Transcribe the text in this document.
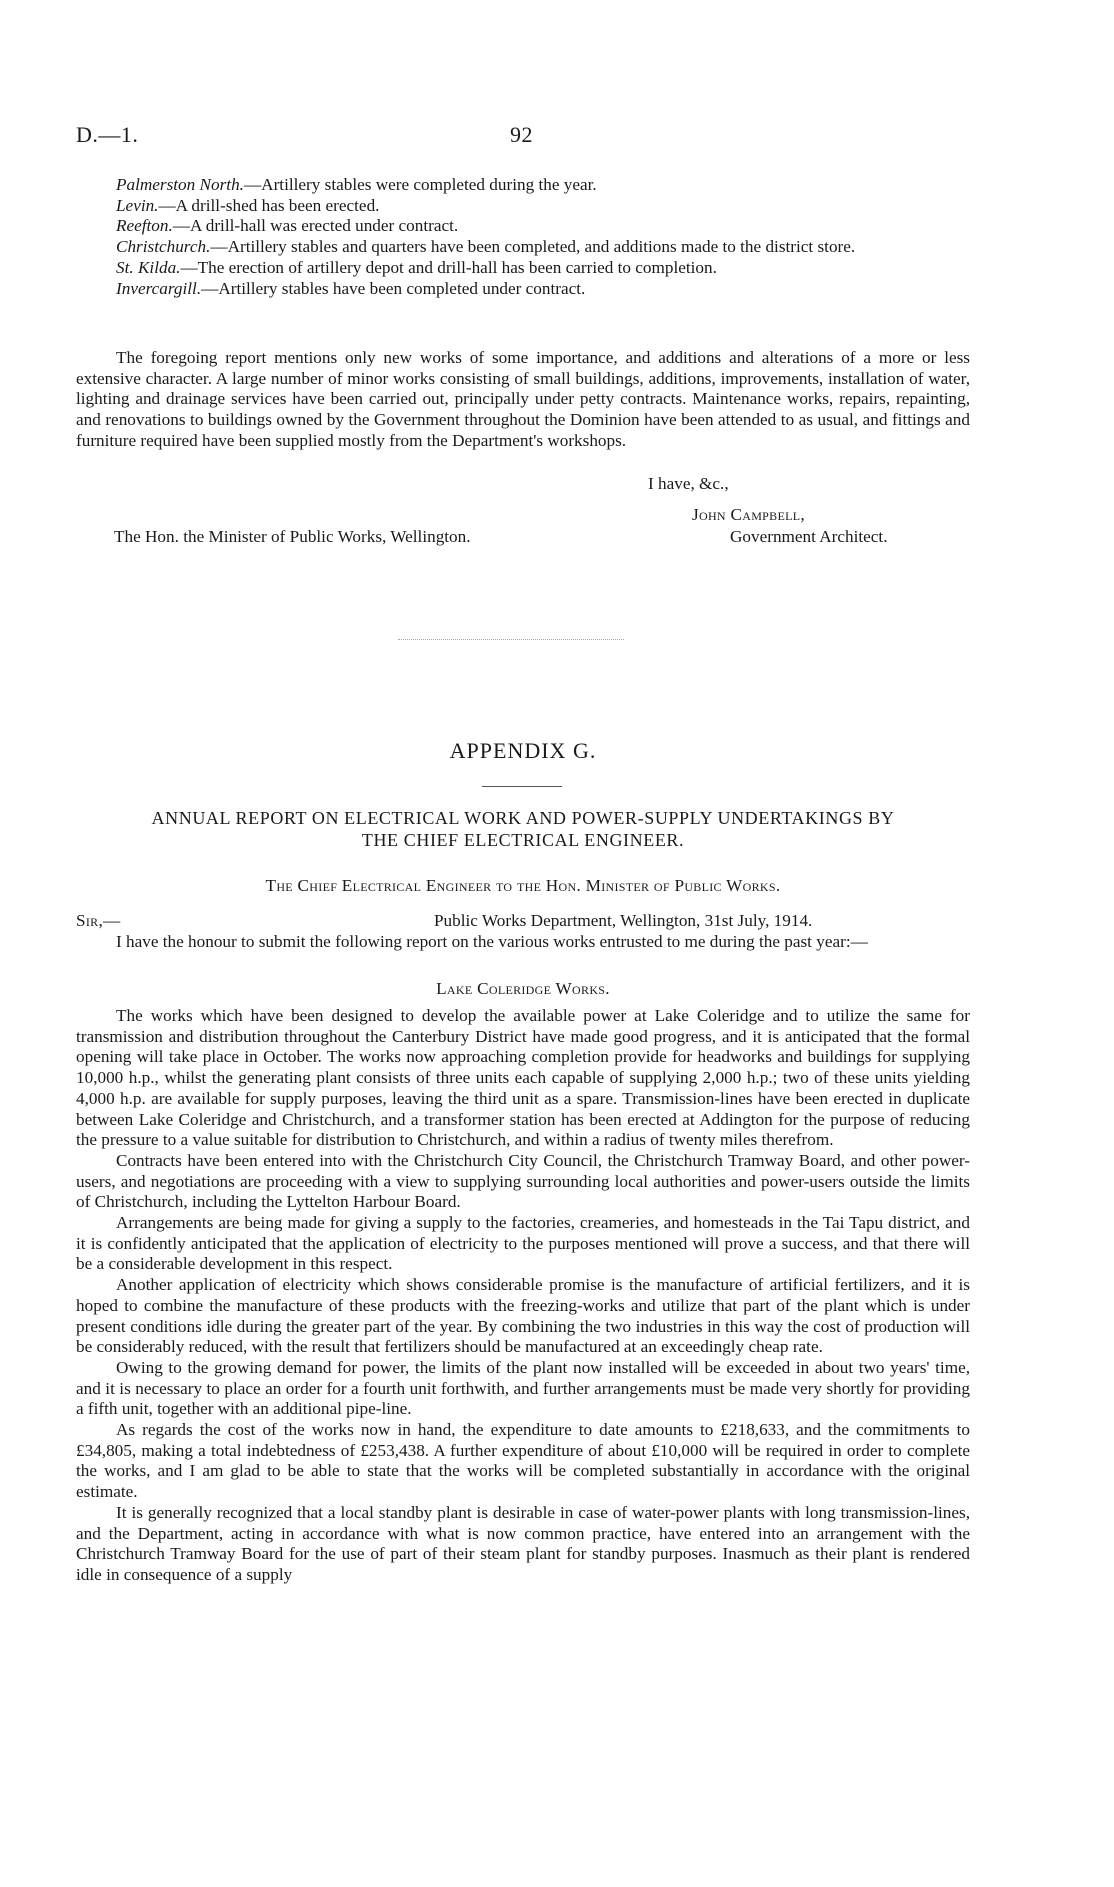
D.—1.	92

Palmerston North.—Artillery stables were completed during the year.

Levin.—A drill-shed has been erected.

Reefton.—A drill-hall was erected under contract.

Christchurch.—Artillery stables and quarters have been completed, and additions made to the district store.

St. Kilda.—The erection of artillery depot and drill-hall has been carried to completion.

Invercargill.—Artillery stables have been completed under contract.

The foregoing report mentions only new works of some importance, and additions and alterations of a more or less extensive character. A large number of minor works consisting of small buildings, additions, improvements, installation of water, lighting and drainage services have been carried out, principally under petty contracts. Maintenance works, repairs, repainting, and renovations to buildings owned by the Government throughout the Dominion have been attended to as usual, and fittings and furniture required have been supplied mostly from the Department's workshops.
I have, &c.,
John Campbell,
The Hon. the Minister of Public Works, Wellington.	Government Architect.
APPENDIX G.
ANNUAL REPORT ON ELECTRICAL WORK AND POWER-SUPPLY UNDERTAKINGS BY
THE CHIEF ELECTRICAL ENGINEER.
The Chief Electrical Engineer to the Hon. Minister of Public Works.
Sir,—	Public Works Department, Wellington, 31st July, 1914.
I have the honour to submit the following report on the various works entrusted to me during the past year:—
Lake Coleridge Works.

The works which have been designed to develop the available power at Lake Coleridge and to utilize the same for transmission and distribution throughout the Canterbury District have made good progress, and it is anticipated that the formal opening will take place in October. The works now approaching completion provide for headworks and buildings for supplying 10,000 h.p., whilst the generating plant consists of three units each capable of supplying 2,000 h.p.; two of these units yielding 4,000 h.p. are available for supply purposes, leaving the third unit as a spare. Transmission-lines have been erected in duplicate between Lake Coleridge and Christchurch, and a transformer station has been erected at Addington for the purpose of reducing the pressure to a value suitable for distribution to Christchurch, and within a radius of twenty miles therefrom.

Contracts have been entered into with the Christchurch City Council, the Christchurch Tramway Board, and other power-users, and negotiations are proceeding with a view to supplying surrounding local authorities and power-users outside the limits of Christchurch, including the Lyttelton Harbour Board.

Arrangements are being made for giving a supply to the factories, creameries, and homesteads in the Tai Tapu district, and it is confidently anticipated that the application of electricity to the purposes mentioned will prove a success, and that there will be a considerable development in this respect.

Another application of electricity which shows considerable promise is the manufacture of artificial fertilizers, and it is hoped to combine the manufacture of these products with the freezing-works and utilize that part of the plant which is under present conditions idle during the greater part of the year. By combining the two industries in this way the cost of production will be considerably reduced, with the result that fertilizers should be manufactured at an exceedingly cheap rate.

Owing to the growing demand for power, the limits of the plant now installed will be exceeded in about two years' time, and it is necessary to place an order for a fourth unit forthwith, and further arrangements must be made very shortly for providing a fifth unit, together with an additional pipe-line.

As regards the cost of the works now in hand, the expenditure to date amounts to £218,633, and the commitments to £34,805, making a total indebtedness of £253,438. A further expenditure of about £10,000 will be required in order to complete the works, and I am glad to be able to state that the works will be completed substantially in accordance with the original estimate.

It is generally recognized that a local standby plant is desirable in case of water-power plants with long transmission-lines, and the Department, acting in accordance with what is now common practice, have entered into an arrangement with the Christchurch Tramway Board for the use of part of their steam plant for standby purposes. Inasmuch as their plant is rendered idle in consequence of a supply
